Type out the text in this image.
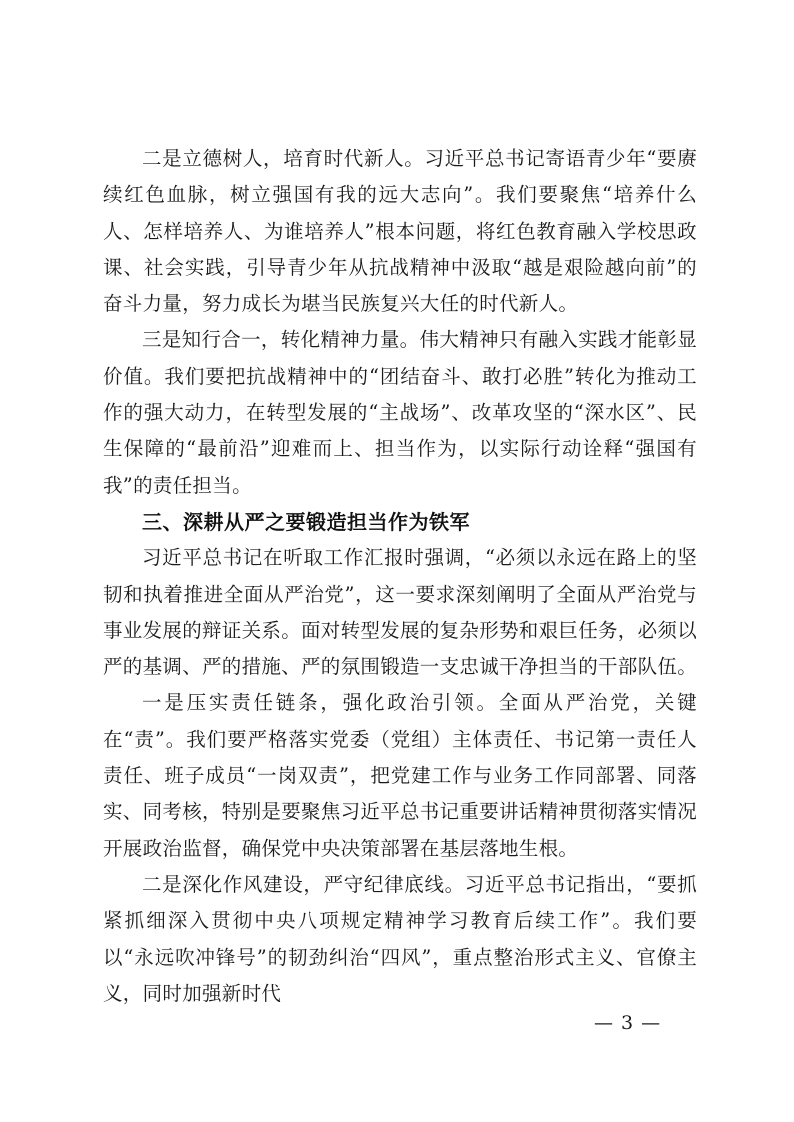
二是立德树人，培育时代新人。习近平总书记寄语青少年“要赓续红色血脉，树立强国有我的远大志向”。我们要聚焦“培养什么人、怎样培养人、为谁培养人”根本问题，将红色教育融入学校思政课、社会实践，引导青少年从抗战精神中汲取“越是艰险越向前”的奋斗力量，努力成长为堪当民族复兴大任的时代新人。

三是知行合一，转化精神力量。伟大精神只有融入实践才能彰显价值。我们要把抗战精神中的“团结奋斗、敢打必胜”转化为推动工作的强大动力，在转型发展的“主战场”、改革攻坚的“深水区”、民生保障的“最前沿”迎难而上、担当作为，以实际行动诠释“强国有我”的责任担当。

三、深耕从严之要锻造担当作为铁军

习近平总书记在听取工作汇报时强调，“必须以永远在路上的坚韧和执着推进全面从严治党”，这一要求深刻阐明了全面从严治党与事业发展的辩证关系。面对转型发展的复杂形势和艰巨任务，必须以严的基调、严的措施、严的氛围锻造一支忠诚干净担当的干部队伍。

一是压实责任链条，强化政治引领。全面从严治党，关键在“责”。我们要严格落实党委（党组）主体责任、书记第一责任人责任、班子成员“一岗双责”，把党建工作与业务工作同部署、同落实、同考核，特别是要聚焦习近平总书记重要讲话精神贯彻落实情况开展政治监督，确保党中央决策部署在基层落地生根。

二是深化作风建设，严守纪律底线。习近平总书记指出，“要抓紧抓细深入贯彻中央八项规定精神学习教育后续工作”。我们要以“永远吹冲锋号”的韧劲纠治“四风”，重点整治形式主义、官僚主义，同时加强新时代

— 3 —
